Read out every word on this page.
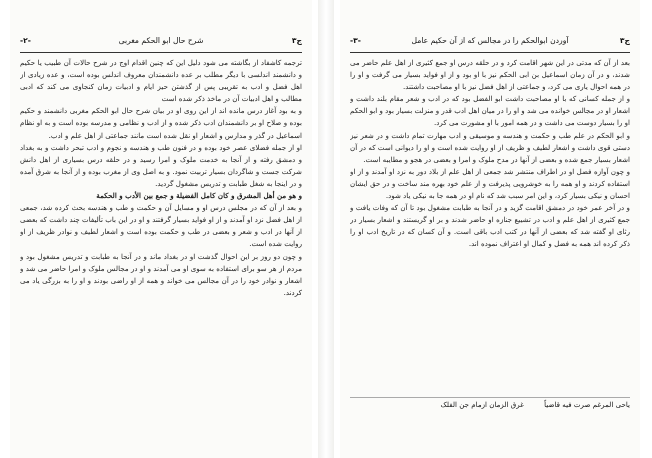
ج٣
شرح حال ابو الحکم مغربی
-٢-

ترجمه کاشفاد از بگاشته می شود دلیل این که چنین اقدام اوج در شرح حالات آن طبیب یا حکیم و دانشمند اندلسی با دیگر مطلب بر عده دانشمندان معروف اندلس بوده است، و عده زیادی از اهل فضل و ادب به تقریبی پس از گذشتن حیز ایام و ادبیات زمان کنجاوی می کند که ادبی مطالب و اهل ادبیات آن در ماخذ ذکر شده است

و به بود آغاز درس مانده اند از این روی او در بیان شرح حال ابو الحکم مغربی دانشمند و حکیم بوده و صلاح او بر دانشمندان ادب ذکر شده و از ادب و نظامی و مدرسه بوده است و به او نظام اسماعیل در گذر و مدارس و اشعار او نقل شده است مانند جماعتی از اهل علم و ادب.

او از جمله فضلای عصر خود بوده و در فنون طب و هندسه و نجوم و ادب تبحر داشت و به بغداد و دمشق رفته و از آنجا به خدمت ملوک و امرا رسید و در حلقه درس بسیاری از اهل دانش شرکت جست و شاگردان بسیار تربیت نمود. و به اصل وی از مغرب بوده و از آنجا به شرق آمده و در اینجا به شغل طبابت و تدریس مشغول گردید.

و هو من أهل المشرق و کان کامل الفضیلة و جمع بین الأدب و الحکمة

و بعد از آن که در مجلس درس او و مسایل آن و حکمت و طب و هندسه بحث کرده شد، جمعی از اهل فضل نزد او آمدند و از او فواید بسیار گرفتند و او در این باب تألیفات چند داشت که بعضی از آنها در ادب و شعر و بعضی در طب و حکمت بوده است و اشعار لطیف و نوادر ظریف از او روایت شده است.

و چون دو روز بر این احوال گذشت او در بغداد ماند و در آنجا به طبابت و تدریس مشغول بود و مردم از هر سو برای استفاده به سوی او می آمدند و او در مجالس ملوک و امرا حاضر می شد و اشعار و نوادر خود را در آن مجالس می خواند و همه از او راضی بودند و او را به بزرگی یاد می کردند.

ج٣
آوردن ابوالحکم را در مجالس که از آن حکیم عامل
-٣-

بعد از آن که مدتی در این شهر اقامت کرد و در حلقه درس او جمع کثیری از اهل علم حاضر می شدند، و در آن زمان اسماعیل بن ابی الحکم نیز با او بود و از او فواید بسیار می گرفت و او را در همه احوال یاری می کرد، و جماعتی از اهل فضل نیز با او مصاحبت داشتند.

و از جمله کسانی که با او مصاحبت داشت ابو الفضل بود که در ادب و شعر مقام بلند داشت و اشعار او در مجالس خوانده می شد و او را در میان اهل ادب قدر و منزلت بسیار بود و ابو الحکم او را بسیار دوست می داشت و در همه امور با او مشورت می کرد.

و ابو الحکم در علم طب و حکمت و هندسه و موسیقی و ادب مهارت تمام داشت و در شعر نیز دستی قوی داشت و اشعار لطیف و ظریف از او روایت شده است و او را دیوانی است که در آن اشعار بسیار جمع شده و بعضی از آنها در مدح ملوک و امرا و بعضی در هجو و مطایبه است.

و چون آوازه فضل او در اطراف منتشر شد جمعی از اهل علم از بلاد دور به نزد او آمدند و از او استفاده کردند و او همه را به خوشرویی پذیرفت و از علم خود بهره مند ساخت و در حق ایشان احسان و نیکی بسیار کرد، و این امر سبب شد که نام او در همه جا به نیکی یاد شود.

و در آخر عمر خود در دمشق اقامت گزید و در آنجا به طبابت مشغول بود تا آن که وفات یافت و جمع کثیری از اهل علم و ادب در تشییع جنازه او حاضر شدند و بر او گریستند و اشعار بسیار در رثای او گفته شد که بعضی از آنها در کتب ادب باقی است. و آن کسان که در تاریخ ادب او را ذکر کرده اند همه به فضل و کمال او اعتراف نموده اند.

یاحی المرغم صرت فیه قاضیاً غرق الزمان ازمام جن الفلک
